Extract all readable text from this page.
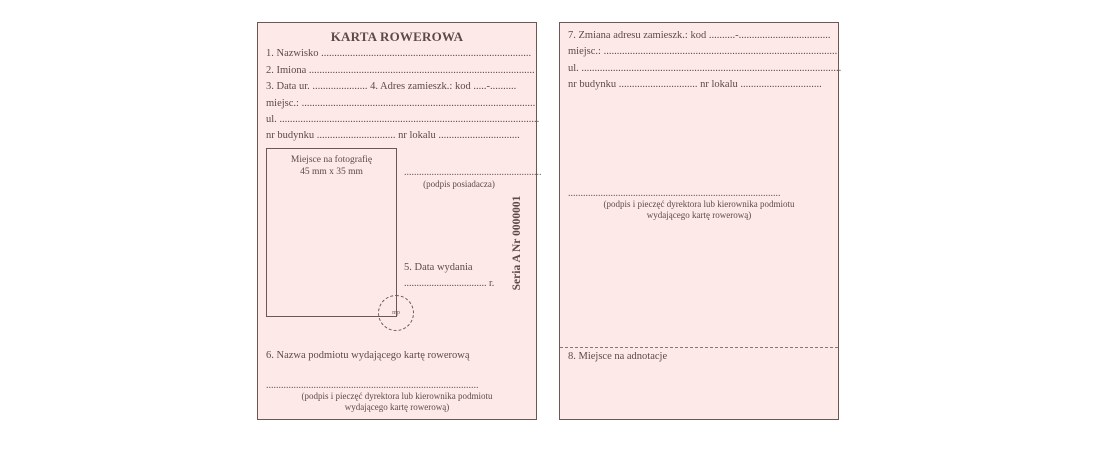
KARTA ROWEROWA
1. Nazwisko ................................................................................
2. Imiona ......................................................................................
3. Data ur. ..................... 4. Adres zamieszk.: kod .....-..........
miejsc.: .........................................................................................
ul. ...................................................................................................
nr budynku .............................. nr lokalu ...............................
Miejsce na fotografię
45 mm x 35 mm
mp
.......................................................
(podpis posiadacza)
5. Data wydania
................................. r. Seria A Nr 0000001
6. Nazwa podmiotu wydającego kartę rowerową
.....................................................................................
(podpis i pieczęć dyrektora lub kierownika podmiotu
wydającego kartę rowerową)
7. Zmiana adresu zamieszk.: kod ..........-...................................
miejsc.: .........................................................................................
ul. ...................................................................................................
nr budynku .............................. nr lokalu ...............................
.....................................................................................
(podpis i pieczęć dyrektora lub kierownika podmiotu
wydającego kartę rowerową)
8. Miejsce na adnotacje
